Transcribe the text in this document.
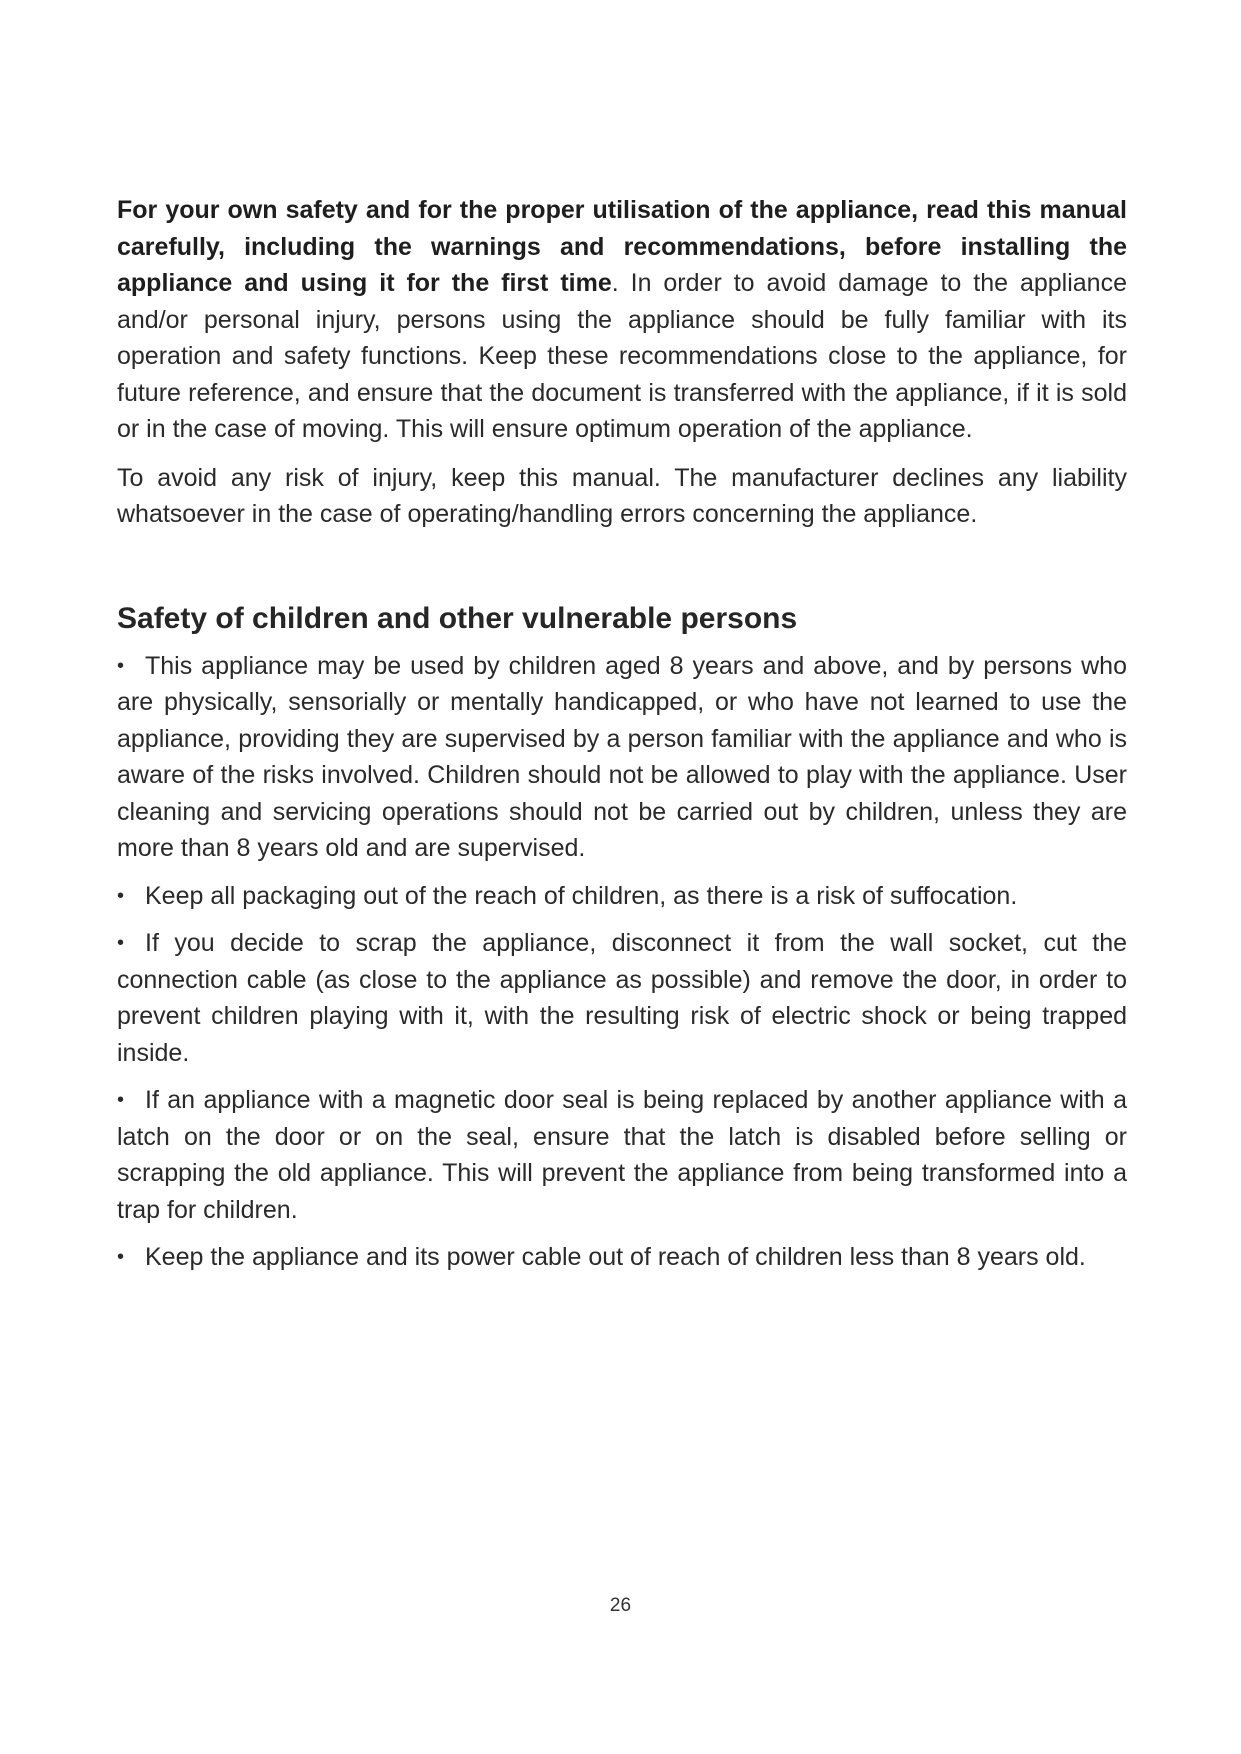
For your own safety and for the proper utilisation of the appliance, read this manual carefully, including the warnings and recommendations, before installing the appliance and using it for the first time. In order to avoid damage to the appliance and/or personal injury, persons using the appliance should be fully familiar with its operation and safety functions. Keep these recommendations close to the appliance, for future reference, and ensure that the document is transferred with the appliance, if it is sold or in the case of moving. This will ensure optimum operation of the appliance.

To avoid any risk of injury, keep this manual. The manufacturer declines any liability whatsoever in the case of operating/handling errors concerning the appliance.

Safety of children and other vulnerable persons

• This appliance may be used by children aged 8 years and above, and by persons who are physically, sensorially or mentally handicapped, or who have not learned to use the appliance, providing they are supervised by a person familiar with the appliance and who is aware of the risks involved. Children should not be allowed to play with the appliance. User cleaning and servicing operations should not be carried out by children, unless they are more than 8 years old and are supervised.

• Keep all packaging out of the reach of children, as there is a risk of suffocation.

• If you decide to scrap the appliance, disconnect it from the wall socket, cut the connection cable (as close to the appliance as possible) and remove the door, in order to prevent children playing with it, with the resulting risk of electric shock or being trapped inside.

• If an appliance with a magnetic door seal is being replaced by another appliance with a latch on the door or on the seal, ensure that the latch is disabled before selling or scrapping the old appliance. This will prevent the appliance from being transformed into a trap for children.

• Keep the appliance and its power cable out of reach of children less than 8 years old.

26
